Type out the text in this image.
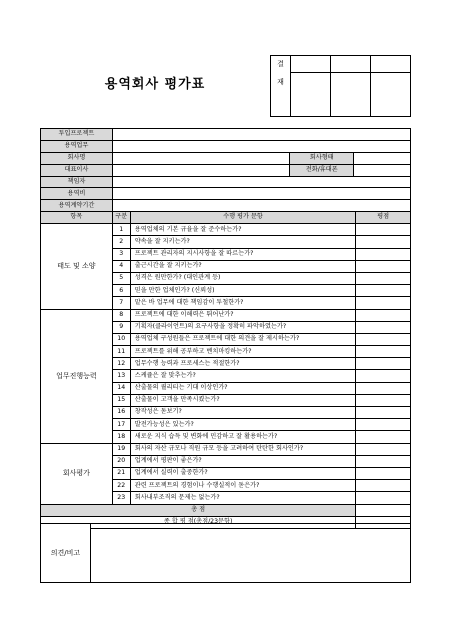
용역회사 평가표
결			
재			
투입프로젝트			
용역업무			
회사명		회사형태	
대표이사		전화/휴대폰	
책임자			
용역비			
용역계약기간			
항목	구분	수행 평가 문항	평점
태도 및 소양	1	용역업체의 기본 규율을 잘 준수하는가?	
	2	약속을 잘 지키는가?	
	3	프로젝트 관리자의 지시사항을 잘 따르는가?	
	4	출근시간을 잘 지키는가?	
	5	성격은 원만한가? (대인관계 등)	
	6	믿을 만한 업체인가? (신뢰성)	
	7	맡은 바 업무에 대한 책임감이 투철한가?	
업무진행능력	8	프로젝트에 대한 이해력은 뛰어난가?	
	9	기획자(클라이언트)의 요구사항을 정확히 파악하였는가?	
	10	용역업체 구성원들은 프로젝트에 대한 의견을 잘 제시하는가?	
	11	프로젝트를 위해 공부하고 벤치마킹하는가?	
	12	업무수행 능력과 프로세스는 적절한가?	
	13	스케쥴은 잘 맞추는가?	
	14	산출물의 퀄리티는 기대 이상인가?	
	15	산출물이 고객을 만족시켰는가?	
	16	창작성은 돋보기?	
	17	발전가능성은 있는가?	
	18	새로운 지식 습득 및 변화에 민감하고 잘 활용하는가?	
회사평가	19	회사의 자산 규모나 직원 규모 등을 고려하여 탄탄한 회사인가?	
	20	업계에서 평판이 좋은가?	
	21	업계에서 실력이 출중한가?	
	22	관련 프로젝트의 경험이나 수행실적이 돋은가?	
	23	회사내부조직의 문제는 없는가?	
총 점			
종 합 평 점(총점/23문항)			
의견/비고	
